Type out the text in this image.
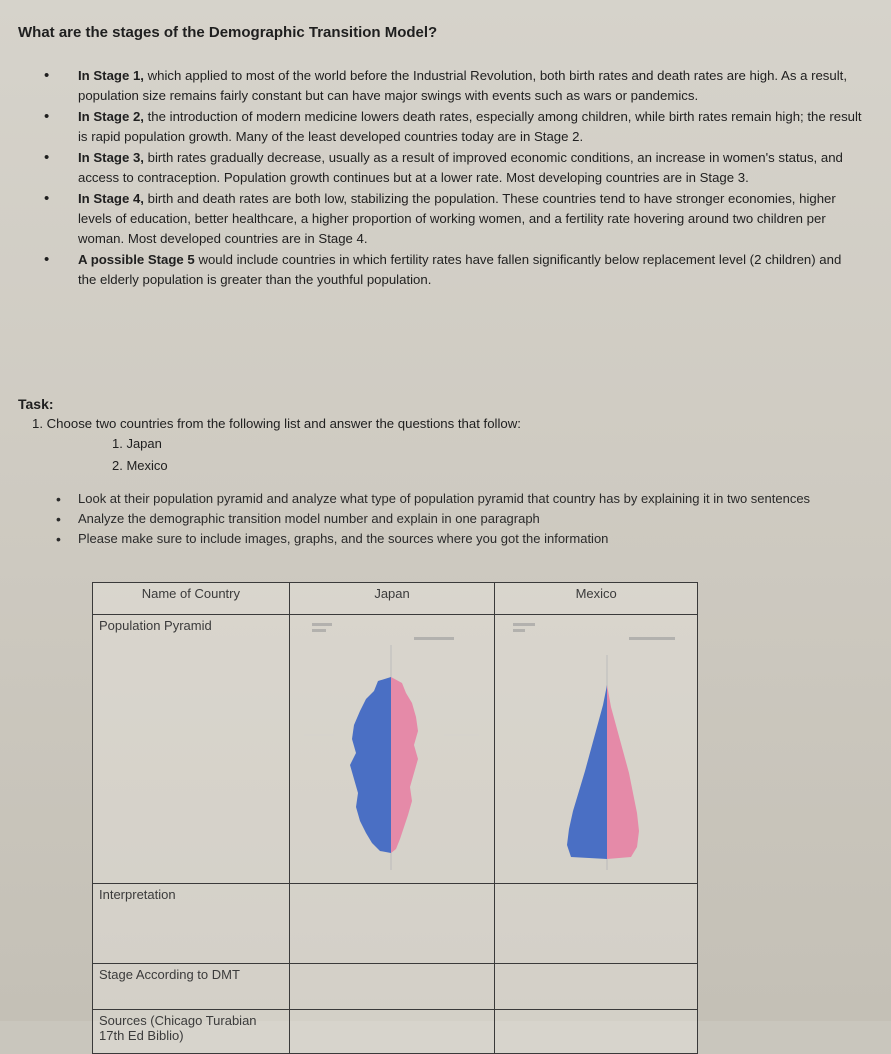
What are the stages of the Demographic Transition Model?
• In Stage 1, which applied to most of the world before the Industrial Revolution, both birth rates and death rates are high. As a result, population size remains fairly constant but can have major swings with events such as wars or pandemics.
• In Stage 2, the introduction of modern medicine lowers death rates, especially among children, while birth rates remain high; the result is rapid population growth. Many of the least developed countries today are in Stage 2.
• In Stage 3, birth rates gradually decrease, usually as a result of improved economic conditions, an increase in women's status, and access to contraception. Population growth continues but at a lower rate. Most developing countries are in Stage 3.
• In Stage 4, birth and death rates are both low, stabilizing the population. These countries tend to have stronger economies, higher levels of education, better healthcare, a higher proportion of working women, and a fertility rate hovering around two children per woman. Most developed countries are in Stage 4.
• A possible Stage 5 would include countries in which fertility rates have fallen significantly below replacement level (2 children) and the elderly population is greater than the youthful population.
Task:
1. Choose two countries from the following list and answer the questions that follow:
1. Japan
2. Mexico
• Look at their population pyramid and analyze what type of population pyramid that country has by explaining it in two sentences
• Analyze the demographic transition model number and explain in one paragraph
• Please make sure to include images, graphs, and the sources where you got the information
Name of Country	Japan	Mexico
Population Pyramid	

Interpretation		
Stage According to DMT		
Sources (Chicago Turabian 17th Ed Biblio)		
